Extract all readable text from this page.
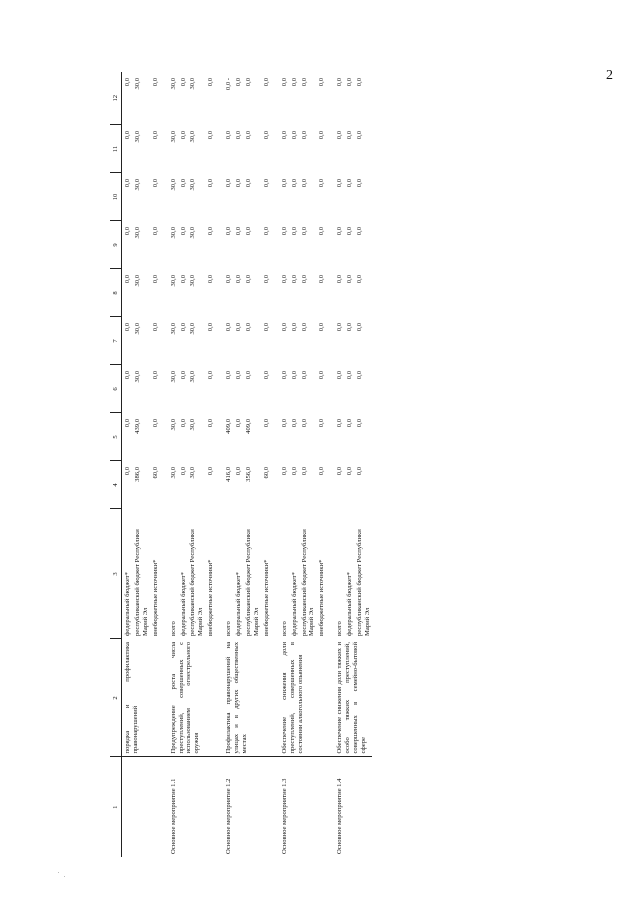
2
1	2	3	4	5	6	7	8	9	10	11	12
	порядка и профилактика правонарушений	федеральный бюджет*	0,0	0,0	0,0	0,0	0,0	0,0	0,0	0,0	0,0
		республиканский бюджет Республики Марий Эл	386,0	439,0	30,0	30,0	30,0	30,0	30,0	30,0	30,0
		внебюджетные источники*	60,0	0,0	0,0	0,0	0,0	0,0	0,0	0,0	0,0
Основное мероприятие 1.1	Предупреждение роста числа преступлений, совершенных с использованием огнестрельного оружия	всего	30,0	30,0	30,0	30,0	30,0	30,0	30,0	30,0	30,0
		федеральный бюджет*	0,0	0,0	0,0	0,0	0,0	0,0	0,0	0,0	0,0
		республиканский бюджет Республики Марий Эл	30,0	30,0	30,0	30,0	30,0	30,0	30,0	30,0	30,0
		внебюджетные источники*	0,0	0,0	0,0	0,0	0,0	0,0	0,0	0,0	0,0
Основное мероприятие 1.2	Профилактика правонарушений на улицах и в других общественных местах	всего	416,0	409,0	0,0	0,0	0,0	0,0	0,0	0,0	0,0 -
		федеральный бюджет*	0,0	0,0	0,0	0,0	0,0	0,0	0,0	0,0	0,0
		республиканский бюджет Республики Марий Эл	356,0	409,0	0,0	0,0	0,0	0,0	0,0	0,0	0,0
		внебюджетные источники*	60,0	0,0	0,0	0,0	0,0	0,0	0,0	0,0	0,0
Основное мероприятие 1.3	Обеспечение снижения доли преступлений, совершенных в состоянии алкогольного опьянения	всего	0,0	0,0	0,0	0,0	0,0	0,0	0,0	0,0	0,0
		федеральный бюджет*	0,0	0,0	0,0	0,0	0,0	0,0	0,0	0,0	0,0
		республиканский бюджет Республики Марий Эл	0,0	0,0	0,0	0,0	0,0	0,0	0,0	0,0	0,0
		внебюджетные источники*	0,0	0,0	0,0	0,0	0,0	0,0	0,0	0,0	0,0
Основное мероприятие 1.4	Обеспечение снижения доли тяжких и особо тяжких преступлений, совершенных в семейно-бытовой сфере	всего	0,0	0,0	0,0	0,0	0,0	0,0	0,0	0,0	0,0
		федеральный бюджет*	0,0	0,0	0,0	0,0	0,0	0,0	0,0	0,0	0,0
		республиканский бюджет Республики Марий Эл	0,0	0,0	0,0	0,0	0,0	0,0	0,0	0,0	0,0
